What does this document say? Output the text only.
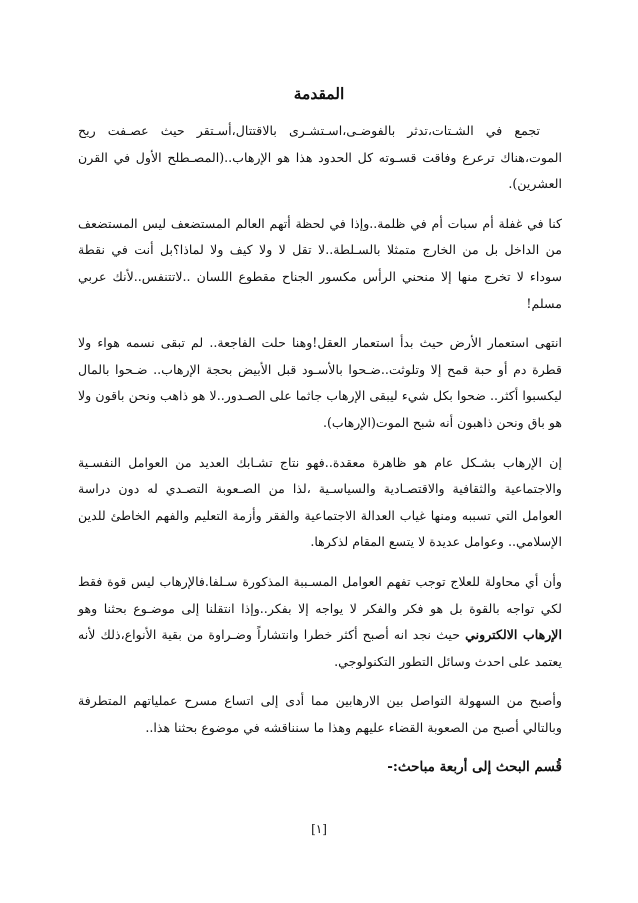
المقدمة

تجمع في الشـتات،تدثر بالفوضـى،اسـتشـرى بالاقتتال،أسـتقر حيث عصـفت ريح الموت،هناك ترعرع وفاقت قسـوته كل الحدود هذا هو الإرهاب..(المصـطلح الأول في القرن العشرين).

كنا في غفلة أم سبات أم في ظلمة..وإذا في لحظة أتهم العالم المستضعف ليس المستضعف من الداخل بل من الخارج متمثلا بالسـلطة..لا تقل لا ولا كيف ولا لماذا؟بل أنت في نقطة سوداء لا تخرج منها إلا منحني الرأس مكسور الجناح مقطوع اللسان ..لاتتنفس..لأنك عربي مسلم!

انتهى استعمار الأرض حيث بدأ استعمار العقل!وهنا حلت الفاجعة.. لم تبقى نسمه هواء ولا قطرة دم أو حبة قمح إلا وتلوثت..ضـحوا بالأسـود قبل الأبيض بحجة الإرهاب.. ضـحوا بالمال ليكسبوا أكثر.. ضحوا بكل شيء ليبقى الإرهاب جاثما على الصـدور..لا هو ذاهب ونحن باقون ولا هو باق ونحن ذاهبون أنه شبح الموت(الإرهاب).

إن الإرهاب بشـكل عام هو ظاهرة معقدة..فهو نتاج تشـابك العديد من العوامل النفسـية والاجتماعية والثقافية والاقتصـادية والسياسـية ،لذا من الصـعوبة التصـدي له دون دراسة العوامل التي تسببه ومنها غياب العدالة الاجتماعية والفقر وأزمة التعليم والفهم الخاطئ للدين الإسلامي.. وعوامل عديدة لا يتسع المقام لذكرها.

وأن أي محاولة للعلاج توجب تفهم العوامل المسـببة المذكورة سـلفا.فالإرهاب ليس قوة فقط لكي تواجه بالقوة بل هو فكر والفكر لا يواجه إلا بفكر..وإذا انتقلنا إلى موضـوع بحثنا وهو الإرهاب الالكتروني حيث نجد انه أصبح أكثر خطرا وانتشاراً وضـراوة من بقية الأنواع،ذلك لأنه يعتمد على احدث وسائل التطور التكنولوجي.

وأصبح من السهولة التواصل بين الارهابين مما أدى إلى اتساع مسرح عملياتهم المتطرفة وبالتالي أصبح من الصعوبة القضاء عليهم وهذا ما سنناقشه في موضوع بحثنا هذا..

قُسم البحث إلى أربعة مباحث:-

[١]
